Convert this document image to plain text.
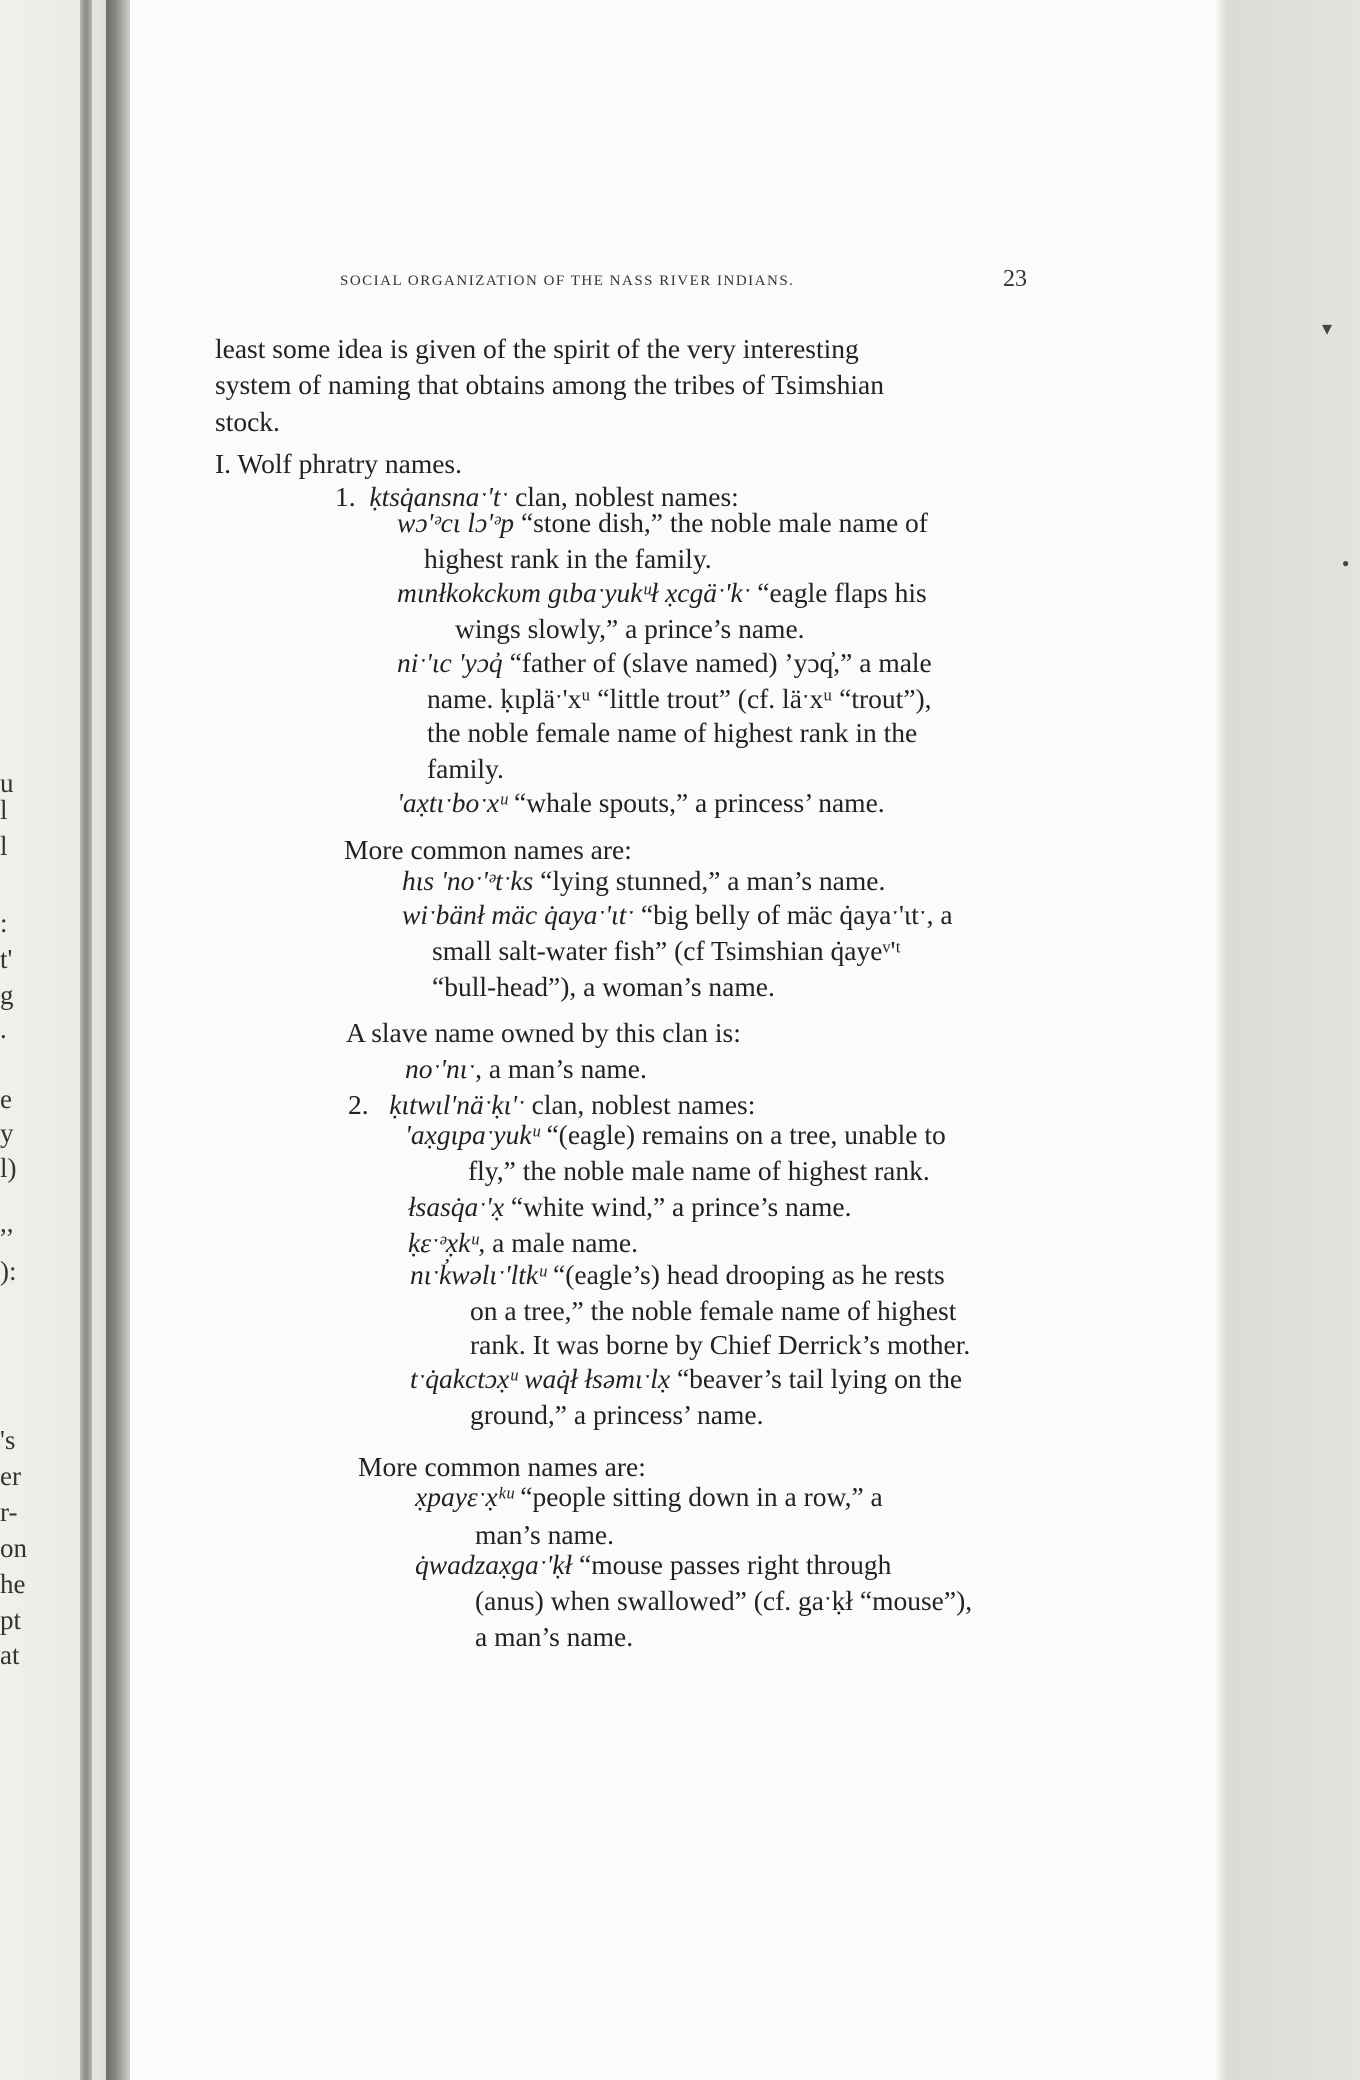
u
l
l
:
t'
g
.
e
y
l)
,,
):
's
er
r-
on
he
pt
at
▾
●
SOCIAL ORGANIZATION OF THE NASS RIVER INDIANS.	23
least some idea is given of the spirit of the very interesting
system of naming that obtains among the tribes of Tsimshian
stock.
I. Wolf phratry names.
1. ḳtsq̇ansnaˑ'tˑ clan, noblest names:
wɔ'ᵊcι lɔ'ᵊp “stone dish,” the noble male name of
highest rank in the family.
mιnłkokckυm gιbaˑyukᵘł x̣cgäˑ'kˑ “eagle flaps his
wings slowly,” a prince’s name.
niˑ'ιc 'yɔq̓ “father of (slave named) ’yɔq̓,” a male
name. ḳιpläˑ'xᵘ “little trout” (cf. läˑxᵘ “trout”),
the noble female name of highest rank in the
family.
'ax̣tιˑboˑxᵘ “whale spouts,” a princess’ name.
More common names are:
hιs 'noˑ'ᵊtˑks “lying stunned,” a man’s name.
wiˑbänł mäc q̇ayaˑ'ιtˑ “big belly of mäc q̇ayaˑ'ιtˑ, a
small salt-water fish” (cf Tsimshian q̇ayeᵛ'ᵗ
“bull-head”), a woman’s name.
A slave name owned by this clan is:
noˑ'nιˑ, a man’s name.
2. ḳιtwιl'näˑḳι'ˑ clan, noblest names:
'ax̣gιpaˑyukᵘ “(eagle) remains on a tree, unable to
fly,” the noble male name of highest rank.
łsasq̇aˑ'x̣ “white wind,” a prince’s name.
ḳεˑᵊx̣kᵘ, a male name.
nιˑk̓wəlιˑ'ltkᵘ “(eagle’s) head drooping as he rests
on a tree,” the noble female name of highest
rank. It was borne by Chief Derrick’s mother.
tˑq̇akctɔx̣ᵘ waq̇ł łsəmιˑlx̣ “beaver’s tail lying on the
ground,” a princess’ name.
More common names are:
x̣payεˑx̣ᵏᵘ “people sitting down in a row,” a
man’s name.
q̇wadzax̣gaˑ'ḳł “mouse passes right through
(anus) when swallowed” (cf. gaˑḳł “mouse”),
a man’s name.
